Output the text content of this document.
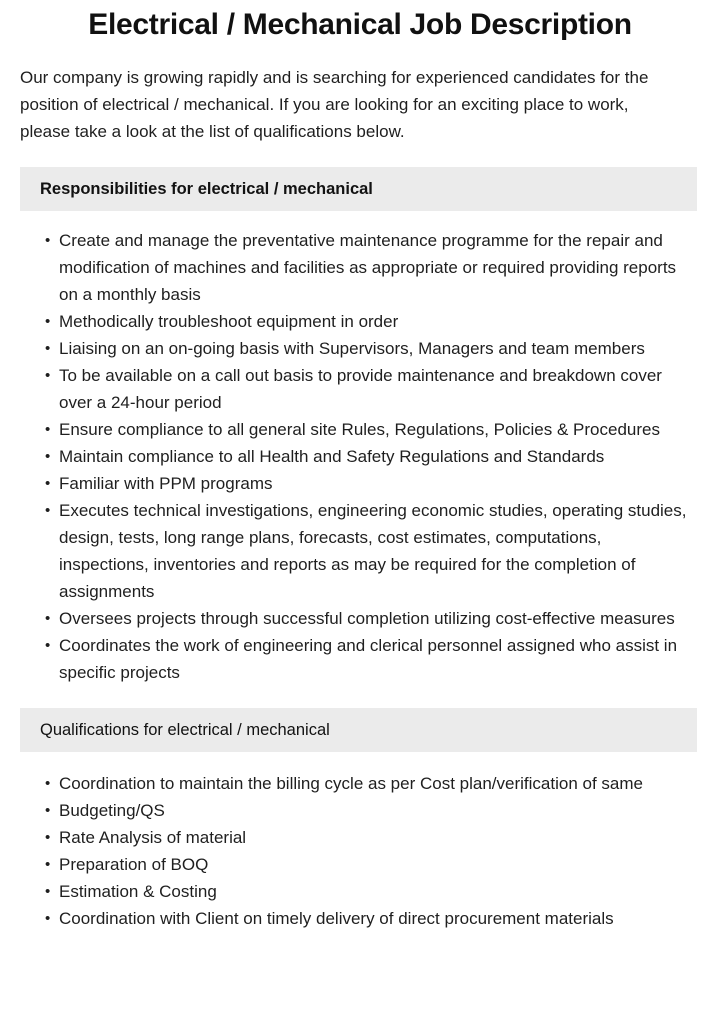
Electrical / Mechanical Job Description

Our company is growing rapidly and is searching for experienced candidates for the position of electrical / mechanical. If you are looking for an exciting place to work, please take a look at the list of qualifications below.

Responsibilities for electrical / mechanical
• Create and manage the preventative maintenance programme for the repair and modification of machines and facilities as appropriate or required providing reports on a monthly basis
• Methodically troubleshoot equipment in order
• Liaising on an on-going basis with Supervisors, Managers and team members
• To be available on a call out basis to provide maintenance and breakdown cover over a 24-hour period
• Ensure compliance to all general site Rules, Regulations, Policies & Procedures
• Maintain compliance to all Health and Safety Regulations and Standards
• Familiar with PPM programs
• Executes technical investigations, engineering economic studies, operating studies, design, tests, long range plans, forecasts, cost estimates, computations, inspections, inventories and reports as may be required for the completion of assignments
• Oversees projects through successful completion utilizing cost-effective measures
• Coordinates the work of engineering and clerical personnel assigned who assist in specific projects
Qualifications for electrical / mechanical
• Coordination to maintain the billing cycle as per Cost plan/verification of same
• Budgeting/QS
• Rate Analysis of material
• Preparation of BOQ
• Estimation & Costing
• Coordination with Client on timely delivery of direct procurement materials
